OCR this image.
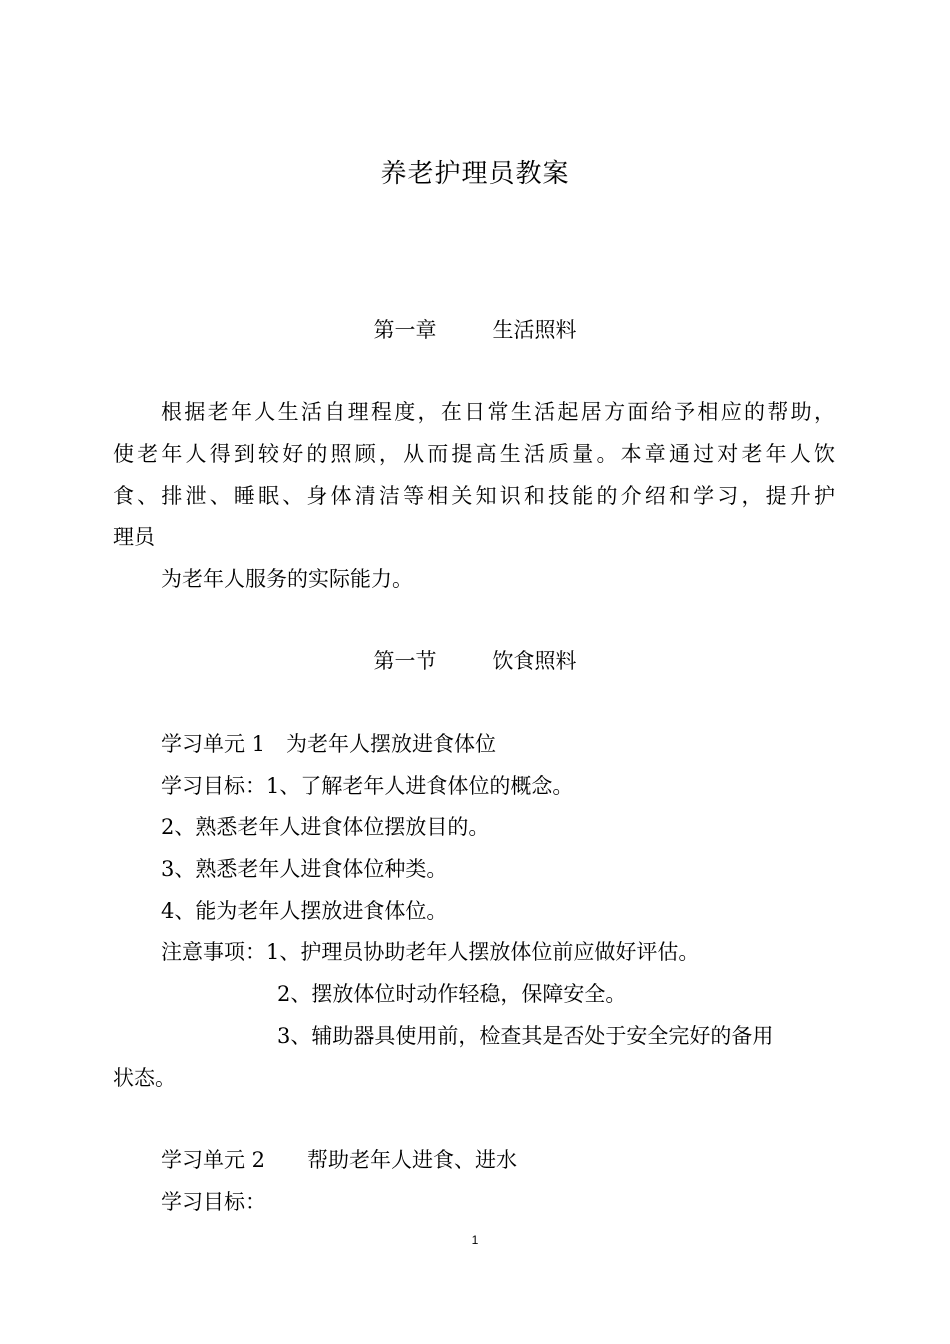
养老护理员教案
第一章	生活照料
根据老年人生活自理程度，在日常生活起居方面给予相应的帮助，
使老年人得到较好的照顾，从而提高生活质量。本章通过对老年人饮
食、排泄、睡眠、身体清洁等相关知识和技能的介绍和学习，提升护
理员
为老年人服务的实际能力。
第一节	饮食照料
学习单元 1　为老年人摆放进食体位
学习目标：1、了解老年人进食体位的概念。
2、熟悉老年人进食体位摆放目的。
3、熟悉老年人进食体位种类。
4、能为老年人摆放进食体位。
注意事项：1、护理员协助老年人摆放体位前应做好评估。
2、摆放体位时动作轻稳，保障安全。
3、辅助器具使用前，检查其是否处于安全完好的备用
状态。
学习单元 2　　帮助老年人进食、进水
学习目标：
1
